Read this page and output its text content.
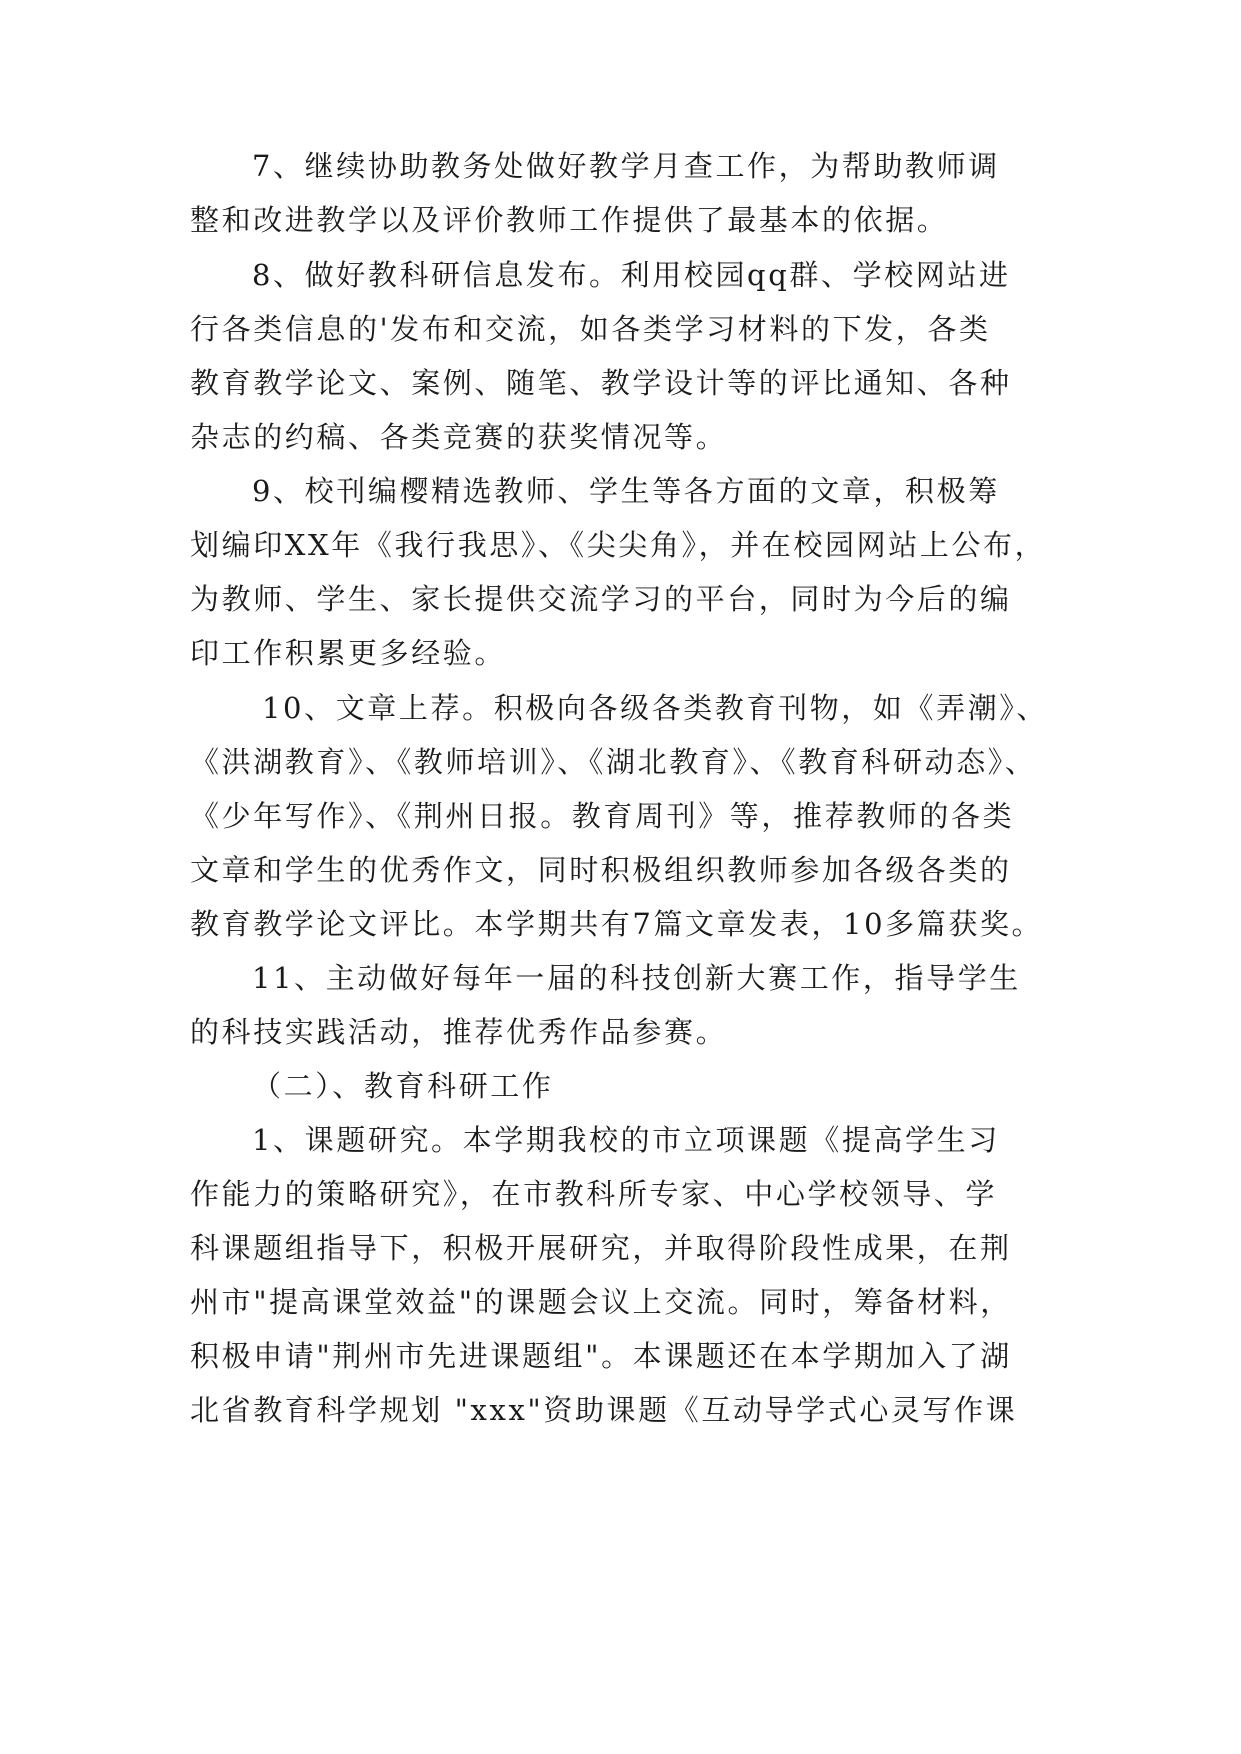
7、继续协助教务处做好教学月查工作，为帮助教师调
整和改进教学以及评价教师工作提供了最基本的依据。
8、做好教科研信息发布。利用校园qq群、学校网站进
行各类信息的'发布和交流，如各类学习材料的下发，各类
教育教学论文、案例、随笔、教学设计等的评比通知、各种
杂志的约稿、各类竞赛的获奖情况等。
9、校刊编樱精选教师、学生等各方面的文章，积极筹
划编印XX年《我行我思》、《尖尖角》，并在校园网站上公布，
为教师、学生、家长提供交流学习的平台，同时为今后的编
印工作积累更多经验。
10、文章上荐。积极向各级各类教育刊物，如《弄潮》、
《洪湖教育》、《教师培训》、《湖北教育》、《教育科研动态》、
《少年写作》、《荆州日报。教育周刊》等，推荐教师的各类
文章和学生的优秀作文，同时积极组织教师参加各级各类的
教育教学论文评比。本学期共有7篇文章发表，10多篇获奖。
11、主动做好每年一届的科技创新大赛工作，指导学生
的科技实践活动，推荐优秀作品参赛。
（二）、教育科研工作
1、课题研究。本学期我校的市立项课题《提高学生习
作能力的策略研究》，在市教科所专家、中心学校领导、学
科课题组指导下，积极开展研究，并取得阶段性成果，在荆
州市"提高课堂效益"的课题会议上交流。同时，筹备材料，
积极申请"荆州市先进课题组"。本课题还在本学期加入了湖
北省教育科学规划 "xxx"资助课题《互动导学式心灵写作课
